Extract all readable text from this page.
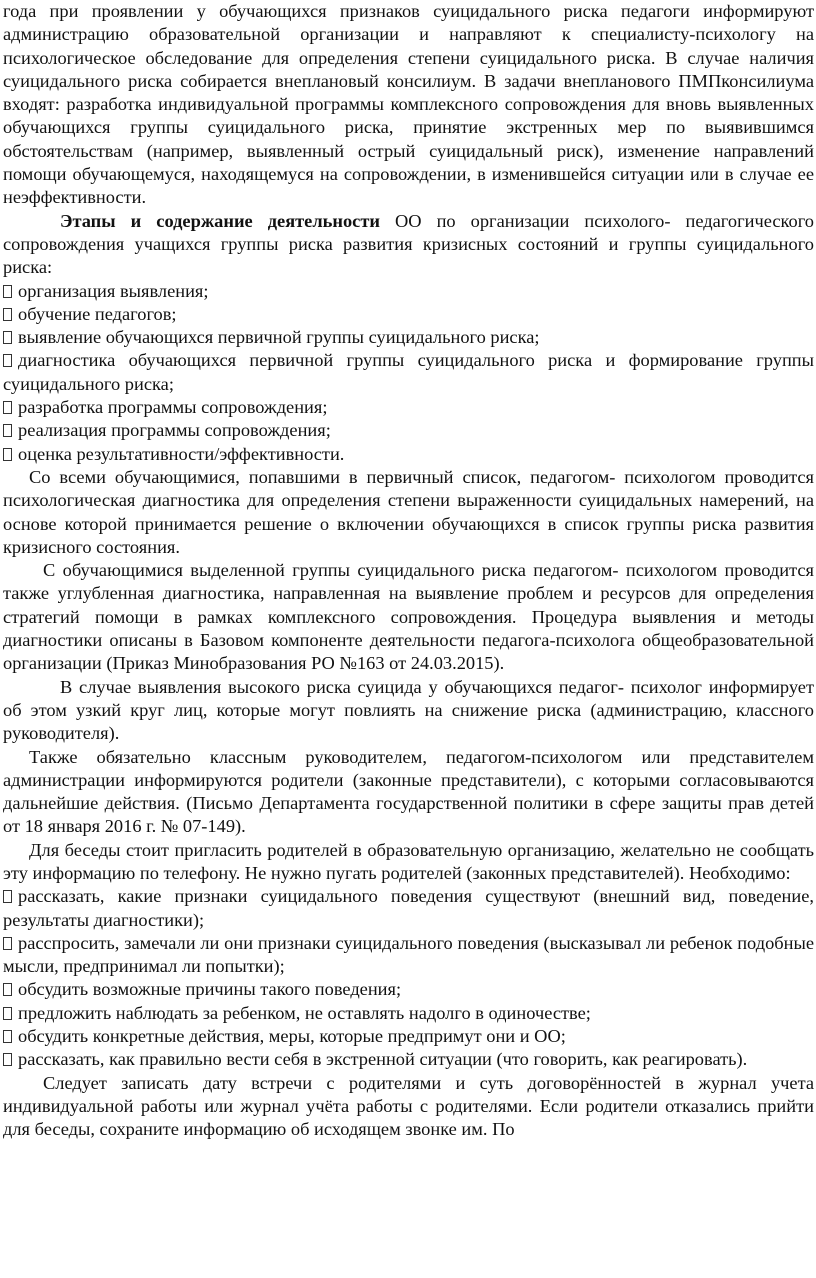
года при проявлении у обучающихся признаков суицидального риска педагоги информируют администрацию образовательной организации и направляют к специалисту-психологу на психологическое обследование для определения степени суицидального риска. В случае наличия суицидального риска собирается внеплановый консилиум. В задачи внепланового ПМПконсилиума входят: разработка индивидуальной программы комплексного сопровождения для вновь выявленных обучающихся группы суицидального риска, принятие экстренных мер по выявившимся обстоятельствам (например, выявленный острый суицидальный риск), изменение направлений помощи обучающемуся, находящемуся на сопровождении, в изменившейся ситуации или в случае ее неэффективности.

Этапы и содержание деятельности ОО по организации психолого- педагогического сопровождения учащихся группы риска развития кризисных состояний и группы суицидального риска:

организация выявления;

обучение педагогов;

выявление обучающихся первичной группы суицидального риска;

диагностика обучающихся первичной группы суицидального риска и формирование группы суицидального риска;

разработка программы сопровождения;

реализация программы сопровождения;

оценка результативности/эффективности.

Со всеми обучающимися, попавшими в первичный список, педагогом- психологом проводится психологическая диагностика для определения степени выраженности суицидальных намерений, на основе которой принимается решение о включении обучающихся в список группы риска развития кризисного состояния.

С обучающимися выделенной группы суицидального риска педагогом- психологом проводится также углубленная диагностика, направленная на выявление проблем и ресурсов для определения стратегий помощи в рамках комплексного сопровождения. Процедура выявления и методы диагностики описаны в Базовом компоненте деятельности педагога-психолога общеобразовательной организации (Приказ Минобразования РО №163 от 24.03.2015).

В случае выявления высокого риска суицида у обучающихся педагог- психолог информирует об этом узкий круг лиц, которые могут повлиять на снижение риска (администрацию, классного руководителя).

Также обязательно классным руководителем, педагогом-психологом или представителем администрации информируются родители (законные представители), с которыми согласовываются дальнейшие действия. (Письмо Департамента государственной политики в сфере защиты прав детей от 18 января 2016 г. № 07-149).

Для беседы стоит пригласить родителей в образовательную организацию, желательно не сообщать эту информацию по телефону. Не нужно пугать родителей (законных представителей). Необходимо:

рассказать, какие признаки суицидального поведения существуют (внешний вид, поведение, результаты диагностики);

расспросить, замечали ли они признаки суицидального поведения (высказывал ли ребенок подобные мысли, предпринимал ли попытки);

обсудить возможные причины такого поведения;

предложить наблюдать за ребенком, не оставлять надолго в одиночестве;

обсудить конкретные действия, меры, которые предпримут они и ОО;

рассказать, как правильно вести себя в экстренной ситуации (что говорить, как реагировать).

Следует записать дату встречи с родителями и суть договорённостей в журнал учета индивидуальной работы или журнал учёта работы с родителями. Если родители отказались прийти для беседы, сохраните информацию об исходящем звонке им. По
